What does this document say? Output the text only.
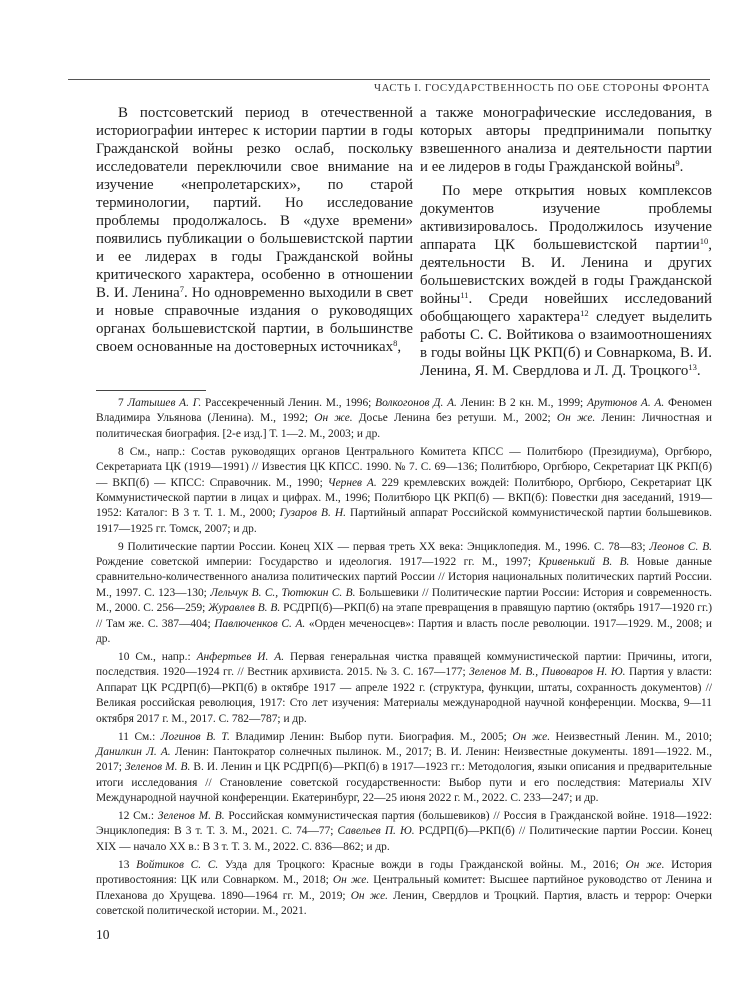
ЧАСТЬ I. ГОСУДАРСТВЕННОСТЬ ПО ОБЕ СТОРОНЫ ФРОНТА

В постсоветский период в отечественной историографии интерес к истории партии в годы Гражданской войны резко ослаб, поскольку исследователи переключили свое внимание на изучение «непролетарских», по старой терминологии, партий. Но исследование проблемы продолжалось. В «духе времени» появились публикации о большевистской партии и ее лидерах в годы Гражданской войны критического характера, особенно в отношении В. И. Ленина$^7$. Но одновременно выходили в свет и новые справочные издания о руководящих органах большевистской партии, в большинстве своем основанные на достоверных источниках$^8$,

а также монографические исследования, в которых авторы предпринимали попытку взвешенного анализа и деятельности партии и ее лидеров в годы Гражданской войны$^9$.

По мере открытия новых комплексов документов изучение проблемы активизировалось. Продолжилось изучение аппарата ЦК большевистской партии$^{10}$, деятельности В. И. Ленина и других большевистских вождей в годы Гражданской войны$^{11}$. Среди новейших исследований обобщающего характера$^{12}$ следует выделить работы С. С. Войтикова о взаимоотношениях в годы войны ЦК РКП(б) и Совнаркома, В. И. Ленина, Я. М. Свердлова и Л. Д. Троцкого$^{13}$.

7 Латышев А. Г. Рассекреченный Ленин. М., 1996; Волкогонов Д. А. Ленин: В 2 кн. М., 1999; Арутюнов А. А. Феномен Владимира Ульянова (Ленина). М., 1992; Он же. Досье Ленина без ретуши. М., 2002; Он же. Ленин: Личностная и политическая биография. [2-е изд.] Т. 1—2. М., 2003; и др.

8 См., напр.: Состав руководящих органов Центрального Комитета КПСС — Политбюро (Президиума), Оргбюро, Секретариата ЦК (1919—1991) // Известия ЦК КПСС. 1990. № 7. С. 69—136; Политбюро, Оргбюро, Секретариат ЦК РКП(б) — ВКП(б) — КПСС: Справочник. М., 1990; Чернев А. 229 кремлевских вождей: Политбюро, Оргбюро, Секретариат ЦК Коммунистической партии в лицах и цифрах. М., 1996; Политбюро ЦК РКП(б) — ВКП(б): Повестки дня заседаний, 1919—1952: Каталог: В 3 т. Т. 1. М., 2000; Гузаров В. Н. Партийный аппарат Российской коммунистической партии большевиков. 1917—1925 гг. Томск, 2007; и др.

9 Политические партии России. Конец XIX — первая треть XX века: Энциклопедия. М., 1996. С. 78—83; Леонов С. В. Рождение советской империи: Государство и идеология. 1917—1922 гг. М., 1997; Кривенький В. В. Новые данные сравнительно-количественного анализа политических партий России // История национальных политических партий России. М., 1997. С. 123—130; Лельчук В. С., Тютюкин С. В. Большевики // Политические партии России: История и современность. М., 2000. С. 256—259; Журавлев В. В. РСДРП(б)—РКП(б) на этапе превращения в правящую партию (октябрь 1917—1920 гг.) // Там же. С. 387—404; Павлюченков С. А. «Орден меченосцев»: Партия и власть после революции. 1917—1929. М., 2008; и др.

10 См., напр.: Анфертьев И. А. Первая генеральная чистка правящей коммунистической партии: Причины, итоги, последствия. 1920—1924 гг. // Вестник архивиста. 2015. № 3. С. 167—177; Зеленов М. В., Пивоваров Н. Ю. Партия у власти: Аппарат ЦК РСДРП(б)—РКП(б) в октябре 1917 — апреле 1922 г. (структура, функции, штаты, сохранность документов) // Великая российская революция, 1917: Сто лет изучения: Материалы международной научной конференции. Москва, 9—11 октября 2017 г. М., 2017. С. 782—787; и др.

11 См.: Логинов В. Т. Владимир Ленин: Выбор пути. Биография. М., 2005; Он же. Неизвестный Ленин. М., 2010; Данилкин Л. А. Ленин: Пантократор солнечных пылинок. М., 2017; В. И. Ленин: Неизвестные документы. 1891—1922. М., 2017; Зеленов М. В. В. И. Ленин и ЦК РСДРП(б)—РКП(б) в 1917—1923 гг.: Методология, языки описания и предварительные итоги исследования // Становление советской государственности: Выбор пути и его последствия: Материалы XIV Международной научной конференции. Екатеринбург, 22—25 июня 2022 г. М., 2022. С. 233—247; и др.

12 См.: Зеленов М. В. Российская коммунистическая партия (большевиков) // Россия в Гражданской войне. 1918—1922: Энциклопедия: В 3 т. Т. 3. М., 2021. С. 74—77; Савельев П. Ю. РСДРП(б)—РКП(б) // Политические партии России. Конец XIX — начало XX в.: В 3 т. Т. 3. М., 2022. С. 836—862; и др.

13 Войтиков С. С. Узда для Троцкого: Красные вожди в годы Гражданской войны. М., 2016; Он же. История противостояния: ЦК или Совнарком. М., 2018; Он же. Центральный комитет: Высшее партийное руководство от Ленина и Плеханова до Хрущева. 1890—1964 гг. М., 2019; Он же. Ленин, Свердлов и Троцкий. Партия, власть и террор: Очерки советской политической истории. М., 2021.

10
